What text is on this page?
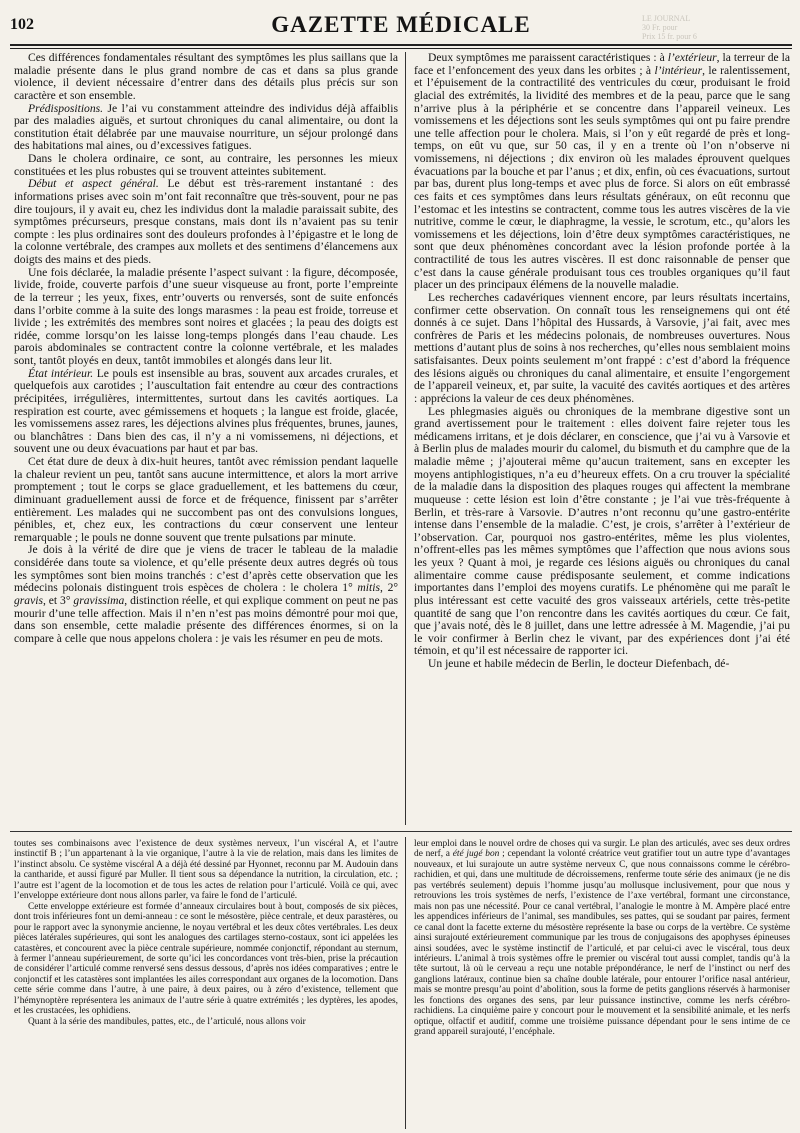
102	GAZETTE MÉDICALE	LE JOURNAL
30 Fr. pour
Prix 15 fr. pour 6

Ces différences fondamentales résultant des symptômes les plus saillans que la maladie présente dans le plus grand nombre de cas et dans sa plus grande violence, il devient nécessaire d’entrer dans des détails plus précis sur son caractère et son ensemble.

Prédispositions. Je l’ai vu constamment atteindre des individus déjà affaiblis par des maladies aiguës, et surtout chroniques du canal alimentaire, ou dont la constitution était délabrée par une mauvaise nourriture, un séjour prolongé dans des habitations mal aines, ou d’excessives fatigues.

Dans le cholera ordinaire, ce sont, au contraire, les personnes les mieux constituées et les plus robustes qui se trouvent atteintes subitement.

Début et aspect général. Le début est très-rarement instantané : des informations prises avec soin m’ont fait reconnaître que très-souvent, pour ne pas dire toujours, il y avait eu, chez les individus dont la maladie paraissait subite, des symptômes précurseurs, presque constans, mais dont ils n’avaient pas su tenir compte : les plus ordinaires sont des douleurs profondes à l’épigastre et le long de la colonne vertébrale, des crampes aux mollets et des sentimens d’élancemens aux doigts des mains et des pieds.

Une fois déclarée, la maladie présente l’aspect suivant : la figure, décomposée, livide, froide, couverte parfois d’une sueur visqueuse au front, porte l’empreinte de la terreur ; les yeux, fixes, entr’ouverts ou renversés, sont de suite enfoncés dans l’orbite comme à la suite des longs marasmes : la peau est froide, torreuse et livide ; les extrémités des membres sont noires et glacées ; la peau des doigts est ridée, comme lorsqu’on les laisse long-temps plongés dans l’eau chaude. Les parois abdominales se contractent contre la colonne vertébrale, et les malades sont, tantôt ployés en deux, tantôt immobiles et alongés dans leur lit.

État intérieur. Le pouls est insensible au bras, souvent aux arcades crurales, et quelquefois aux carotides ; l’auscultation fait entendre au cœur des contractions précipitées, irrégulières, intermittentes, surtout dans les cavités aortiques. La respiration est courte, avec gémissemens et hoquets ; la langue est froide, glacée, les vomissemens assez rares, les déjections alvines plus fréquentes, brunes, jaunes, ou blanchâtres : Dans bien des cas, il n’y a ni vomissemens, ni déjections, et souvent une ou deux évacuations par haut et par bas.

Cet état dure de deux à dix-huit heures, tantôt avec rémission pendant laquelle la chaleur revient un peu, tantôt sans aucune intermittence, et alors la mort arrive promptement ; tout le corps se glace graduellement, et les battemens du cœur, diminuant graduellement aussi de force et de fréquence, finissent par s’arrêter entièrement. Les malades qui ne succombent pas ont des convulsions longues, pénibles, et, chez eux, les contractions du cœur conservent une lenteur remarquable ; le pouls ne donne souvent que trente pulsations par minute.

Je dois à la vérité de dire que je viens de tracer le tableau de la maladie considérée dans toute sa violence, et qu’elle présente deux autres degrés où tous les symptômes sont bien moins tranchés : c’est d’après cette observation que les médecins polonais distinguent trois espèces de cholera : le cholera 1° mitis, 2° gravis, et 3° gravissima, distinction réelle, et qui explique comment on peut ne pas mourir d’une telle affection. Mais il n’en n’est pas moins démontré pour moi que, dans son ensemble, cette maladie présente des différences énormes, si on la compare à celle que nous appelons cholera : je vais les résumer en peu de mots.

Deux symptômes me paraissent caractéristiques : à l’extérieur, la terreur de la face et l’enfoncement des yeux dans les orbites ; à l’intérieur, le ralentissement, et l’épuisement de la contractilité des ventricules du cœur, produisant le froid glacial des extrémités, la lividité des membres et de la peau, parce que le sang n’arrive plus à la périphérie et se concentre dans l’appareil veineux. Les vomissemens et les déjections sont les seuls symptômes qui ont pu faire prendre une telle affection pour le cholera. Mais, si l’on y eût regardé de près et long-temps, on eût vu que, sur 50 cas, il y en a trente où l’on n’observe ni vomissemens, ni déjections ; dix environ où les malades éprouvent quelques évacuations par la bouche et par l’anus ; et dix, enfin, où ces évacuations, surtout par bas, durent plus long-temps et avec plus de force. Si alors on eût embrassé ces faits et ces symptômes dans leurs résultats généraux, on eût reconnu que l’estomac et les intestins se contractent, comme tous les autres viscères de la vie nutritive, comme le cœur, le diaphragme, la vessie, le scrotum, etc., qu’alors les vomissemens et les déjections, loin d’être deux symptômes caractéristiques, ne sont que deux phénomènes concordant avec la lésion profonde portée à la contractilité de tous les autres viscères. Il est donc raisonnable de penser que c’est dans la cause générale produisant tous ces troubles organiques qu’il faut placer un des principaux élémens de la nouvelle maladie.

Les recherches cadavériques viennent encore, par leurs résultats incertains, confirmer cette observation. On connaît tous les renseignemens qui ont été donnés à ce sujet. Dans l’hôpital des Hussards, à Varsovie, j’ai fait, avec mes confrères de Paris et les médecins polonais, de nombreuses ouvertures. Nous mettions d’autant plus de soins à nos recherches, qu’elles nous semblaient moins satisfaisantes. Deux points seulement m’ont frappé : c’est d’abord la fréquence des lésions aiguës ou chroniques du canal alimentaire, et ensuite l’engorgement de l’appareil veineux, et, par suite, la vacuité des cavités aortiques et des artères : apprécions la valeur de ces deux phénomènes.

Les phlegmasies aiguës ou chroniques de la membrane digestive sont un grand avertissement pour le traitement : elles doivent faire rejeter tous les médicamens irritans, et je dois déclarer, en conscience, que j’ai vu à Varsovie et à Berlin plus de malades mourir du calomel, du bismuth et du camphre que de la maladie même ; j’ajouterai même qu’aucun traitement, sans en excepter les moyens antiphlogistiques, n’a eu d’heureux effets. On a cru trouver la spécialité de la maladie dans la disposition des plaques rouges qui affectent la membrane muqueuse : cette lésion est loin d’être constante ; je l’ai vue très-fréquente à Berlin, et très-rare à Varsovie. D’autres n’ont reconnu qu’une gastro-entérite intense dans l’ensemble de la maladie. C’est, je crois, s’arrêter à l’extérieur de l’observation. Car, pourquoi nos gastro-entérites, même les plus violentes, n’offrent-elles pas les mêmes symptômes que l’affection que nous avions sous les yeux ? Quant à moi, je regarde ces lésions aiguës ou chroniques du canal alimentaire comme cause prédisposante seulement, et comme indications importantes dans l’emploi des moyens curatifs. Le phénomène qui me paraît le plus intéressant est cette vacuité des gros vaisseaux artériels, cette très-petite quantité de sang que l’on rencontre dans les cavités aortiques du cœur. Ce fait, que j’avais noté, dès le 8 juillet, dans une lettre adressée à M. Magendie, j’ai pu le voir confirmer à Berlin chez le vivant, par des expériences dont j’ai été témoin, et qu’il est nécessaire de rapporter ici.

Un jeune et habile médecin de Berlin, le docteur Diefenbach, dé-

toutes ses combinaisons avec l’existence de deux systèmes nerveux, l’un viscéral A, et l’autre instinctif B ; l’un appartenant à la vie organique, l’autre à la vie de relation, mais dans les limites de l’instinct absolu. Ce système viscéral A a déjà été dessiné par Hyonnet, reconnu par M. Audouin dans la cantharide, et aussi figuré par Muller. Il tient sous sa dépendance la nutrition, la circulation, etc. ; l’autre est l’agent de la locomotion et de tous les actes de relation pour l’articulé. Voilà ce qui, avec l’enveloppe extérieure dont nous allons parler, va faire le fond de l’articulé.

Cette enveloppe extérieure est formée d’anneaux circulaires bout à bout, composés de six pièces, dont trois inférieures font un demi-anneau : ce sont le mésostère, pièce centrale, et deux parastères, ou pour le rapport avec la synonymie ancienne, le noyau vertébral et les deux côtes vertébrales. Les deux pièces latérales supérieures, qui sont les analogues des cartilages sterno-costaux, sont ici appelées les catastères, et concourent avec la pièce centrale supérieure, nommée conjonctif, répondant au sternum, à fermer l’anneau supérieurement, de sorte qu’ici les concordances vont très-bien, prise la précaution de considérer l’articulé comme renversé sens dessus dessous, d’après nos idées comparatives ; entre le conjonctif et les catastères sont implantées les ailes correspondant aux organes de la locomotion. Dans cette série comme dans l’autre, à une paire, à deux paires, ou à zéro d’existence, tellement que l’hémynoptère représentera les animaux de l’autre série à quatre extrémités ; les dyptères, les apodes, et les crustacées, les ophidiens.

Quant à la série des mandibules, pattes, etc., de l’articulé, nous allons voir

leur emploi dans le nouvel ordre de choses qui va surgir. Le plan des articulés, avec ses deux ordres de nerf, a été jugé bon ; cependant la volonté créatrice veut gratifier tout un autre type d’avantages nouveaux, et lui surajoute un autre système nerveux C, que nous connaissons comme le cérébro-rachidien, et qui, dans une multitude de décroissemens, renferme toute série des animaux (je ne dis pas vertébrés seulement) depuis l’homme jusqu’au mollusque inclusivement, pour que nous y retrouvions les trois systèmes de nerfs, l’existence de l’axe vertébral, formant une circonstance, mais non pas une nécessité. Pour ce canal vertébral, l’analogie le montre à M. Ampère placé entre les appendices inférieurs de l’animal, ses mandibules, ses pattes, qui se soudant par paires, ferment ce canal dont la facette externe du mésostère représente la base ou corps de la vertèbre. Ce système ainsi surajouté extérieurement communique par les trous de conjugaisons des apophyses épineuses ainsi soudées, avec le système instinctif de l’articulé, et par celui-ci avec le viscéral, tous deux intérieurs. L’animal à trois systèmes offre le premier ou viscéral tout aussi complet, tandis qu’à la tête surtout, là où le cerveau a reçu une notable prépondérance, le nerf de l’instinct ou nerf des ganglions latéraux, continue bien sa chaîne double latérale, pour entourer l’orifice nasal antérieur, mais se montre presqu’au point d’abolition, sous la forme de petits ganglions réservés à harmoniser les fonctions des organes des sens, par leur puissance instinctive, comme les nerfs cérébro-rachidiens. La cinquième paire y concourt pour le mouvement et la sensibilité animale, et les nerfs optique, olfactif et auditif, comme une troisième puissance dépendant pour le sens intime de ce grand appareil surajouté, l’encéphale.
